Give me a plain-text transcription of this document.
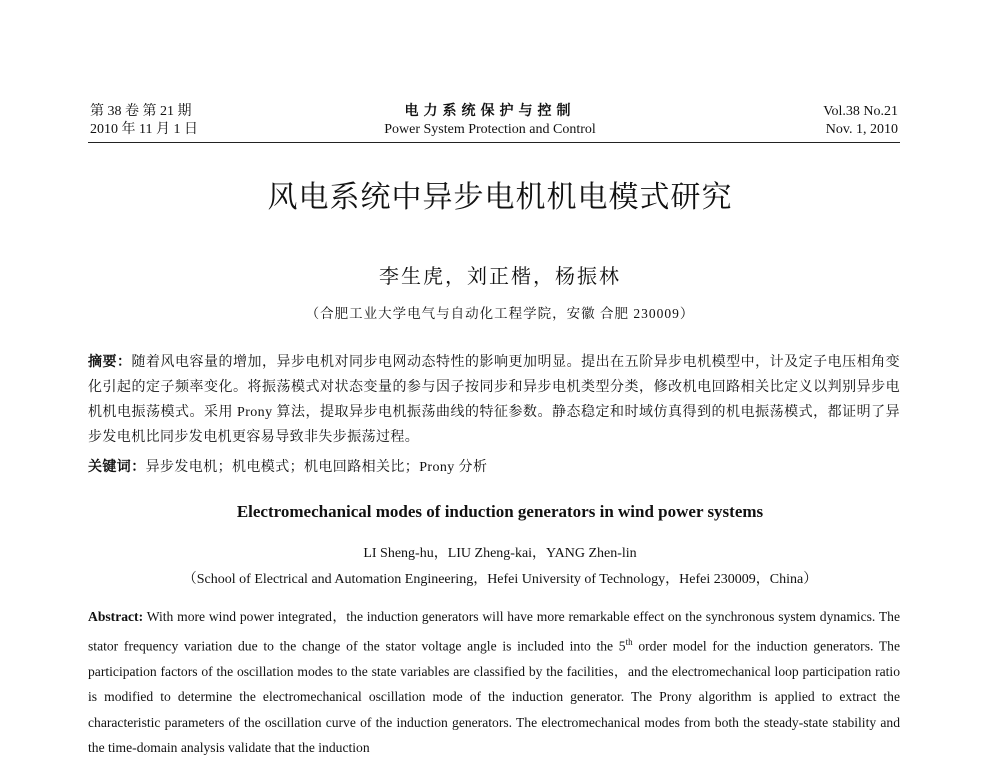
第 38 卷 第 21 期
2010 年 11 月 1 日
电力系统保护与控制
Power System Protection and Control
Vol.38 No.21
Nov. 1, 2010
风电系统中异步电机机电模式研究
李生虎，刘正楷，杨振林
（合肥工业大学电气与自动化工程学院，安徽 合肥 230009）
摘要：随着风电容量的增加，异步电机对同步电网动态特性的影响更加明显。提出在五阶异步电机模型中，计及定子电压相角变化引起的定子频率变化。将振荡模式对状态变量的参与因子按同步和异步电机类型分类，修改机电回路相关比定义以判别异步电机机电振荡模式。采用 Prony 算法，提取异步电机振荡曲线的特征参数。静态稳定和时域仿真得到的机电振荡模式，都证明了异步发电机比同步发电机更容易导致非失步振荡过程。
关键词：异步发电机；机电模式；机电回路相关比；Prony 分析
Electromechanical modes of induction generators in wind power systems
LI Sheng-hu，LIU Zheng-kai，YANG Zhen-lin
（School of Electrical and Automation Engineering，Hefei University of Technology，Hefei 230009，China）
Abstract: With more wind power integrated，the induction generators will have more remarkable effect on the synchronous system dynamics. The stator frequency variation due to the change of the stator voltage angle is included into the 5th order model for the induction generators. The participation factors of the oscillation modes to the state variables are classified by the facilities，and the electromechanical loop participation ratio is modified to determine the electromechanical oscillation mode of the induction generator. The Prony algorithm is applied to extract the characteristic parameters of the oscillation curve of the induction generators. The electromechanical modes from both the steady-state stability and the time-domain analysis validate that the induction
